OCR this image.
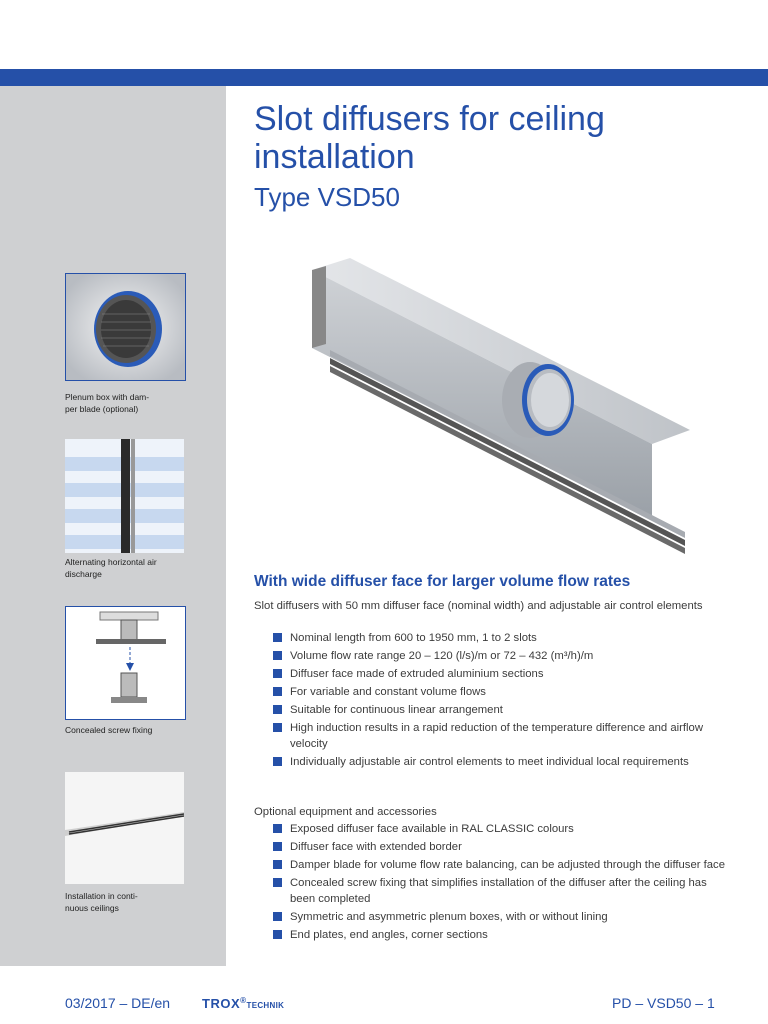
Plenum box with dam-
per blade (optional)
Alternating horizontal air discharge
Concealed screw fixing
Installation in conti-
nuous ceilings
Slot diffusers for ceiling installation
Type VSD50
With wide diffuser face for larger volume flow rates
Slot diffusers with 50 mm diffuser face (nominal width) and adjustable air control elements
Nominal length from 600 to 1950 mm, 1 to 2 slots
Volume flow rate range 20 – 120 (l/s)/m or 72 – 432 (m³/h)/m
Diffuser face made of extruded aluminium sections
For variable and constant volume flows
Suitable for continuous linear arrangement
High induction results in a rapid reduction of the temperature difference and airflow velocity
Individually adjustable air control elements to meet individual local requirements
Optional equipment and accessories
Exposed diffuser face available in RAL CLASSIC colours
Diffuser face with extended border
Damper blade for volume flow rate balancing, can be adjusted through the diffuser face
Concealed screw fixing that simplifies installation of the diffuser after the ceiling has been completed
Symmetric and asymmetric plenum boxes, with or without lining
End plates, end angles, corner sections
03/2017 – DE/en TROX®TECHNIK	PD – VSD50 – 1
